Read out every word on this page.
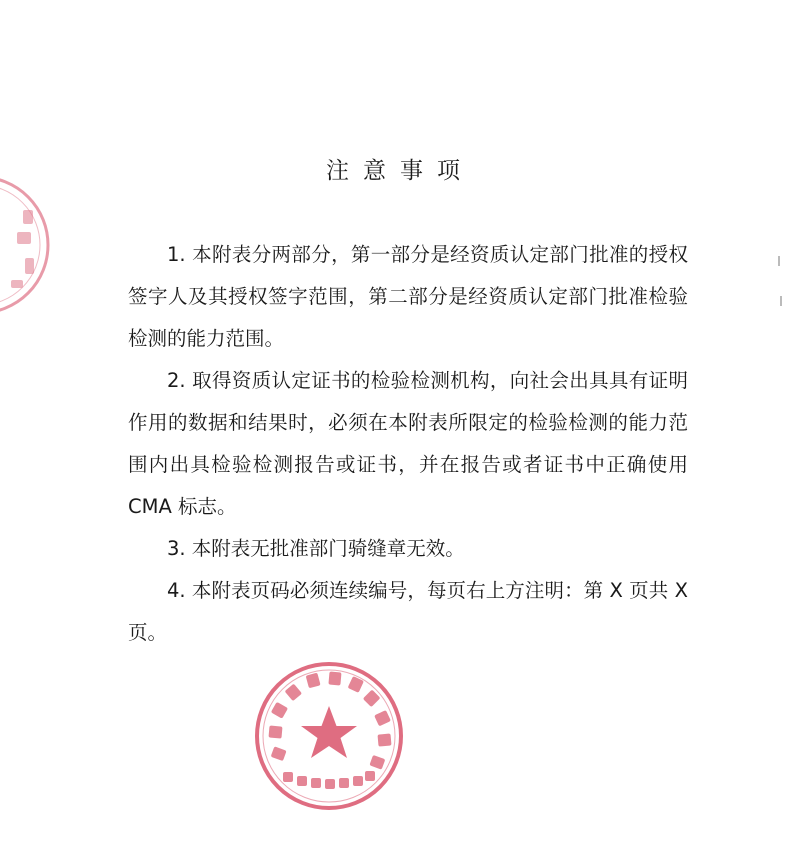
注意事项

1. 本附表分两部分，第一部分是经资质认定部门批准的授权签字人及其授权签字范围，第二部分是经资质认定部门批准检验检测的能力范围。

2. 取得资质认定证书的检验检测机构，向社会出具具有证明作用的数据和结果时，必须在本附表所限定的检验检测的能力范围内出具检验检测报告或证书，并在报告或者证书中正确使用 CMA 标志。

3. 本附表无批准部门骑缝章无效。

4. 本附表页码必须连续编号，每页右上方注明：第 X 页共 X 页。
